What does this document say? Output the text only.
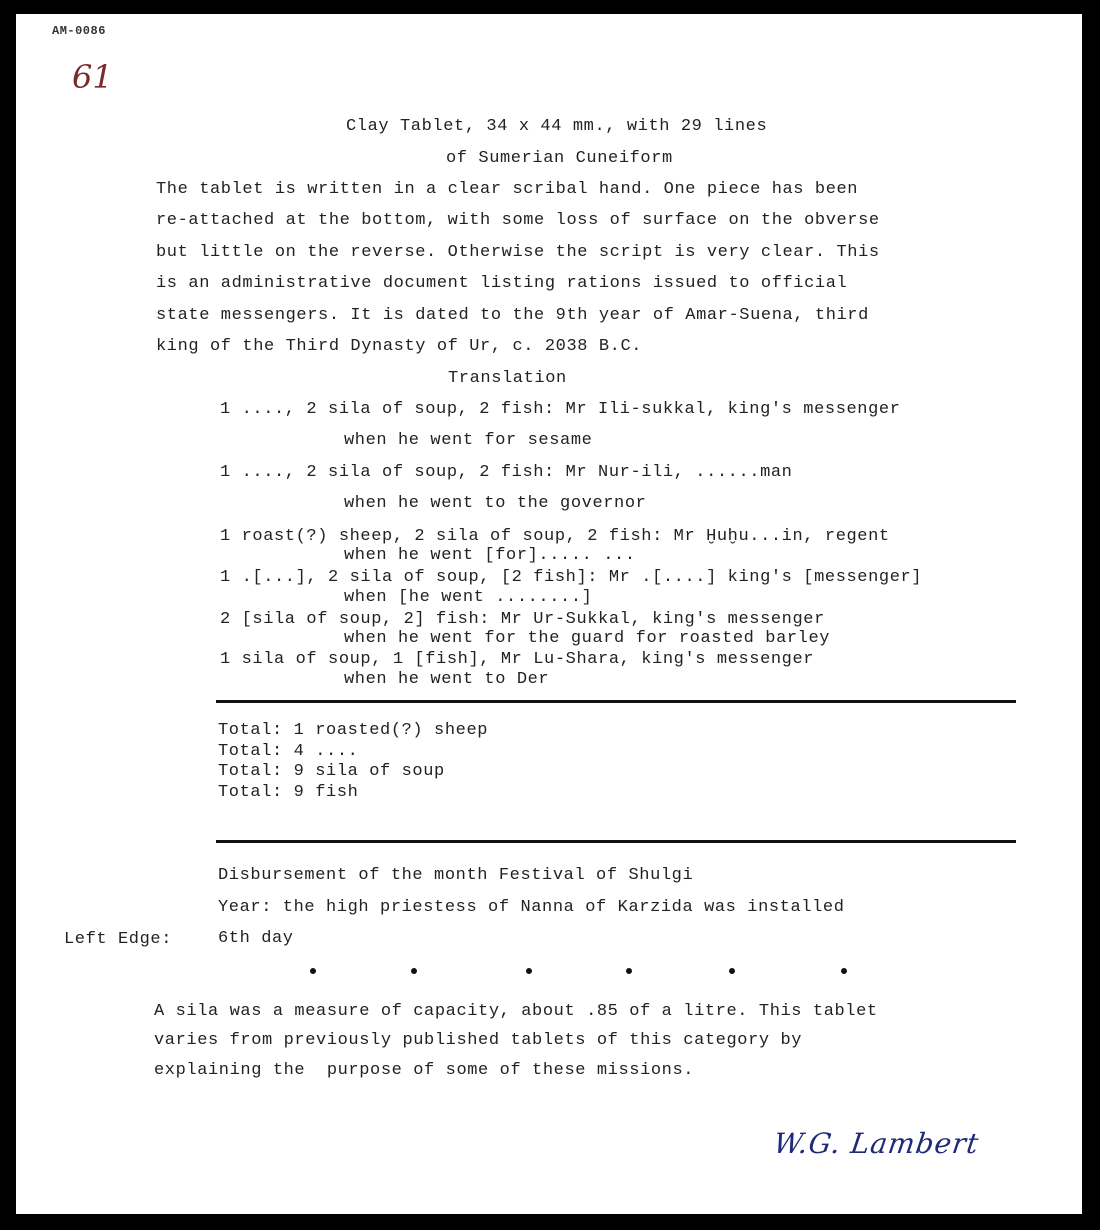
AM-0086
61
Clay Tablet, 34 x 44 mm., with 29 lines
of Sumerian Cuneiform
The tablet is written in a clear scribal hand. One piece has been
re-attached at the bottom, with some loss of surface on the obverse
but little on the reverse. Otherwise the script is very clear. This
is an administrative document listing rations issued to official
state messengers. It is dated to the 9th year of Amar-Suena, third
king of the Third Dynasty of Ur, c. 2038 B.C.
Translation
1 ...., 2 sila of soup, 2 fish: Mr Ili-sukkal, king's messenger
when he went for sesame
1 ...., 2 sila of soup, 2 fish: Mr Nur-ili, ......man
when he went to the governor
1 roast(?) sheep, 2 sila of soup, 2 fish: Mr Ḫuḫu...in, regent
when he went [for]..... ...
1 .[...], 2 sila of soup, [2 fish]: Mr .[....] king's [messenger]
when [he went ........]
2 [sila of soup, 2] fish: Mr Ur-Sukkal, king's messenger
when he went for the guard for roasted barley
1 sila of soup, 1 [fish], Mr Lu-Shara, king's messenger
when he went to Der
Total: 1 roasted(?) sheep
Total: 4 ....
Total: 9 sila of soup
Total: 9 fish
Disbursement of the month Festival of Shulgi
Year: the high priestess of Nanna of Karzida was installed
Left Edge:	6th day
A sila was a measure of capacity, about .85 of a litre. This tablet
varies from previously published tablets of this category by
explaining the  purpose of some of these missions.
W.G. Lambert
